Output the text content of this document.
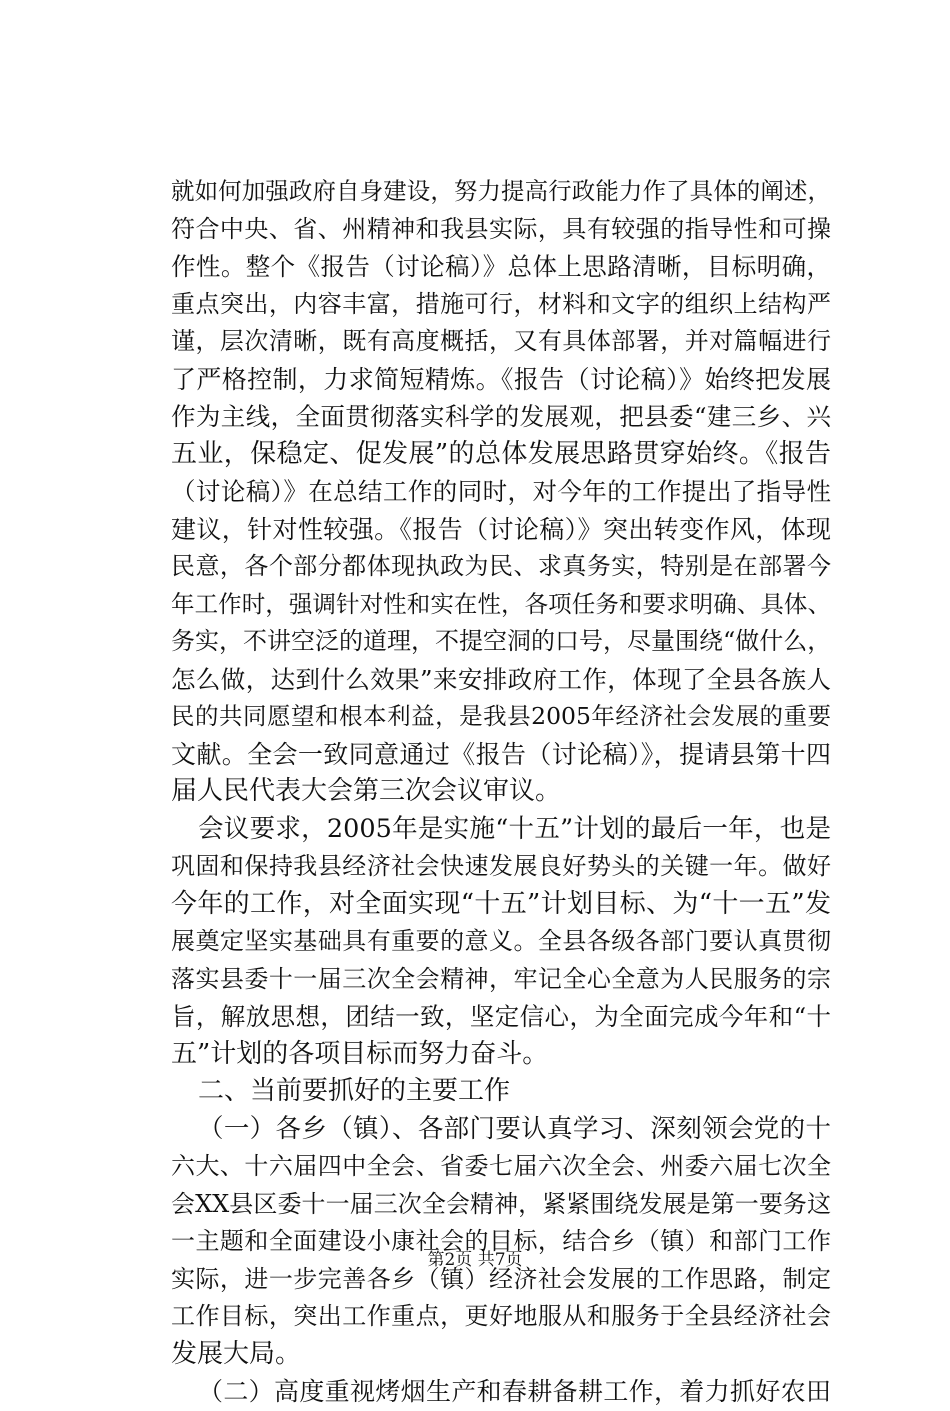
就如何加强政府自身建设，努力提高行政能力作了具体的阐述，
符合中央、省、州精神和我县实际，具有较强的指导性和可操
作性。整个《报告（讨论稿）》总体上思路清晰，目标明确，
重点突出，内容丰富，措施可行，材料和文字的组织上结构严
谨，层次清晰，既有高度概括，又有具体部署，并对篇幅进行
了严格控制，力求简短精炼。《报告（讨论稿）》始终把发展
作为主线，全面贯彻落实科学的发展观，把县委“建三乡、兴
五业，保稳定、促发展”的总体发展思路贯穿始终。《报告
（讨论稿）》在总结工作的同时，对今年的工作提出了指导性
建议，针对性较强。《报告（讨论稿）》突出转变作风，体现
民意，各个部分都体现执政为民、求真务实，特别是在部署今
年工作时，强调针对性和实在性，各项任务和要求明确、具体、
务实，不讲空泛的道理，不提空洞的口号，尽量围绕“做什么，
怎么做，达到什么效果”来安排政府工作，体现了全县各族人
民的共同愿望和根本利益，是我县2005年经济社会发展的重要
文献。全会一致同意通过《报告（讨论稿）》，提请县第十四
届人民代表大会第三次会议审议。
会议要求，2005年是实施“十五”计划的最后一年，也是
巩固和保持我县经济社会快速发展良好势头的关键一年。做好
今年的工作，对全面实现“十五”计划目标、为“十一五”发
展奠定坚实基础具有重要的意义。全县各级各部门要认真贯彻
落实县委十一届三次全会精神，牢记全心全意为人民服务的宗
旨，解放思想，团结一致，坚定信心，为全面完成今年和“十
五”计划的各项目标而努力奋斗。
二、当前要抓好的主要工作
（一）各乡（镇）、各部门要认真学习、深刻领会党的十
六大、十六届四中全会、省委七届六次全会、州委六届七次全
会XX县区委十一届三次全会精神，紧紧围绕发展是第一要务这
一主题和全面建设小康社会的目标，结合乡（镇）和部门工作
实际，进一步完善各乡（镇）经济社会发展的工作思路，制定
工作目标，突出工作重点，更好地服从和服务于全县经济社会
发展大局。
（二）高度重视烤烟生产和春耕备耕工作，着力抓好农田
第2页 共7页
